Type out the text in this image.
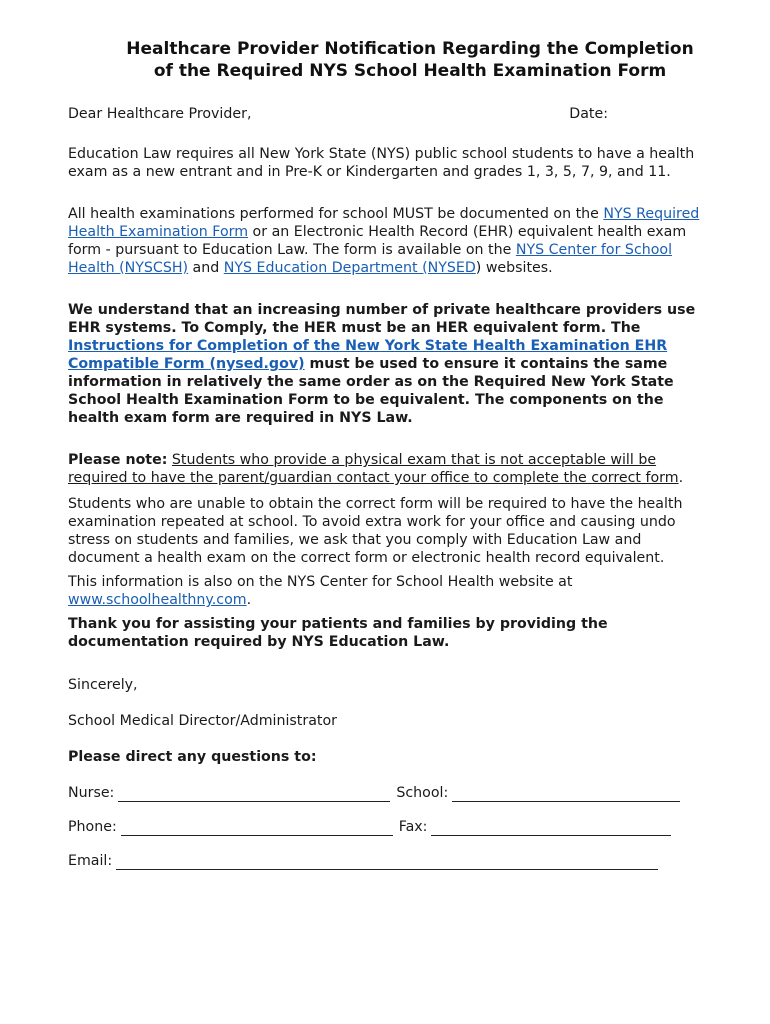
Healthcare Provider Notification Regarding the Completion
of the Required NYS School Health Examination Form
Dear Healthcare Provider,	Date:

Education Law requires all New York State (NYS) public school students to have a health exam as a new entrant and in Pre-K or Kindergarten and grades 1, 3, 5, 7, 9, and 11.

All health examinations performed for school MUST be documented on the NYS Required Health Examination Form or an Electronic Health Record (EHR) equivalent health exam form - pursuant to Education Law. The form is available on the NYS Center for School Health (NYSCSH) and NYS Education Department (NYSED) websites.

We understand that an increasing number of private healthcare providers use EHR systems. To Comply, the HER must be an HER equivalent form. The Instructions for Completion of the New York State Health Examination EHR Compatible Form (nysed.gov) must be used to ensure it contains the same information in relatively the same order as on the Required New York State School Health Examination Form to be equivalent. The components on the health exam form are required in NYS Law.

Please note: Students who provide a physical exam that is not acceptable will be required to have the parent/guardian contact your office to complete the correct form.

Students who are unable to obtain the correct form will be required to have the health examination repeated at school. To avoid extra work for your office and causing undo stress on students and families, we ask that you comply with Education Law and document a health exam on the correct form or electronic health record equivalent.

This information is also on the NYS Center for School Health website at www.schoolhealthny.com.

Thank you for assisting your patients and families by providing the documentation required by NYS Education Law.

Sincerely,

School Medical Director/Administrator

Please direct any questions to:

Nurse:	School:
Phone:	Fax:
Email:
